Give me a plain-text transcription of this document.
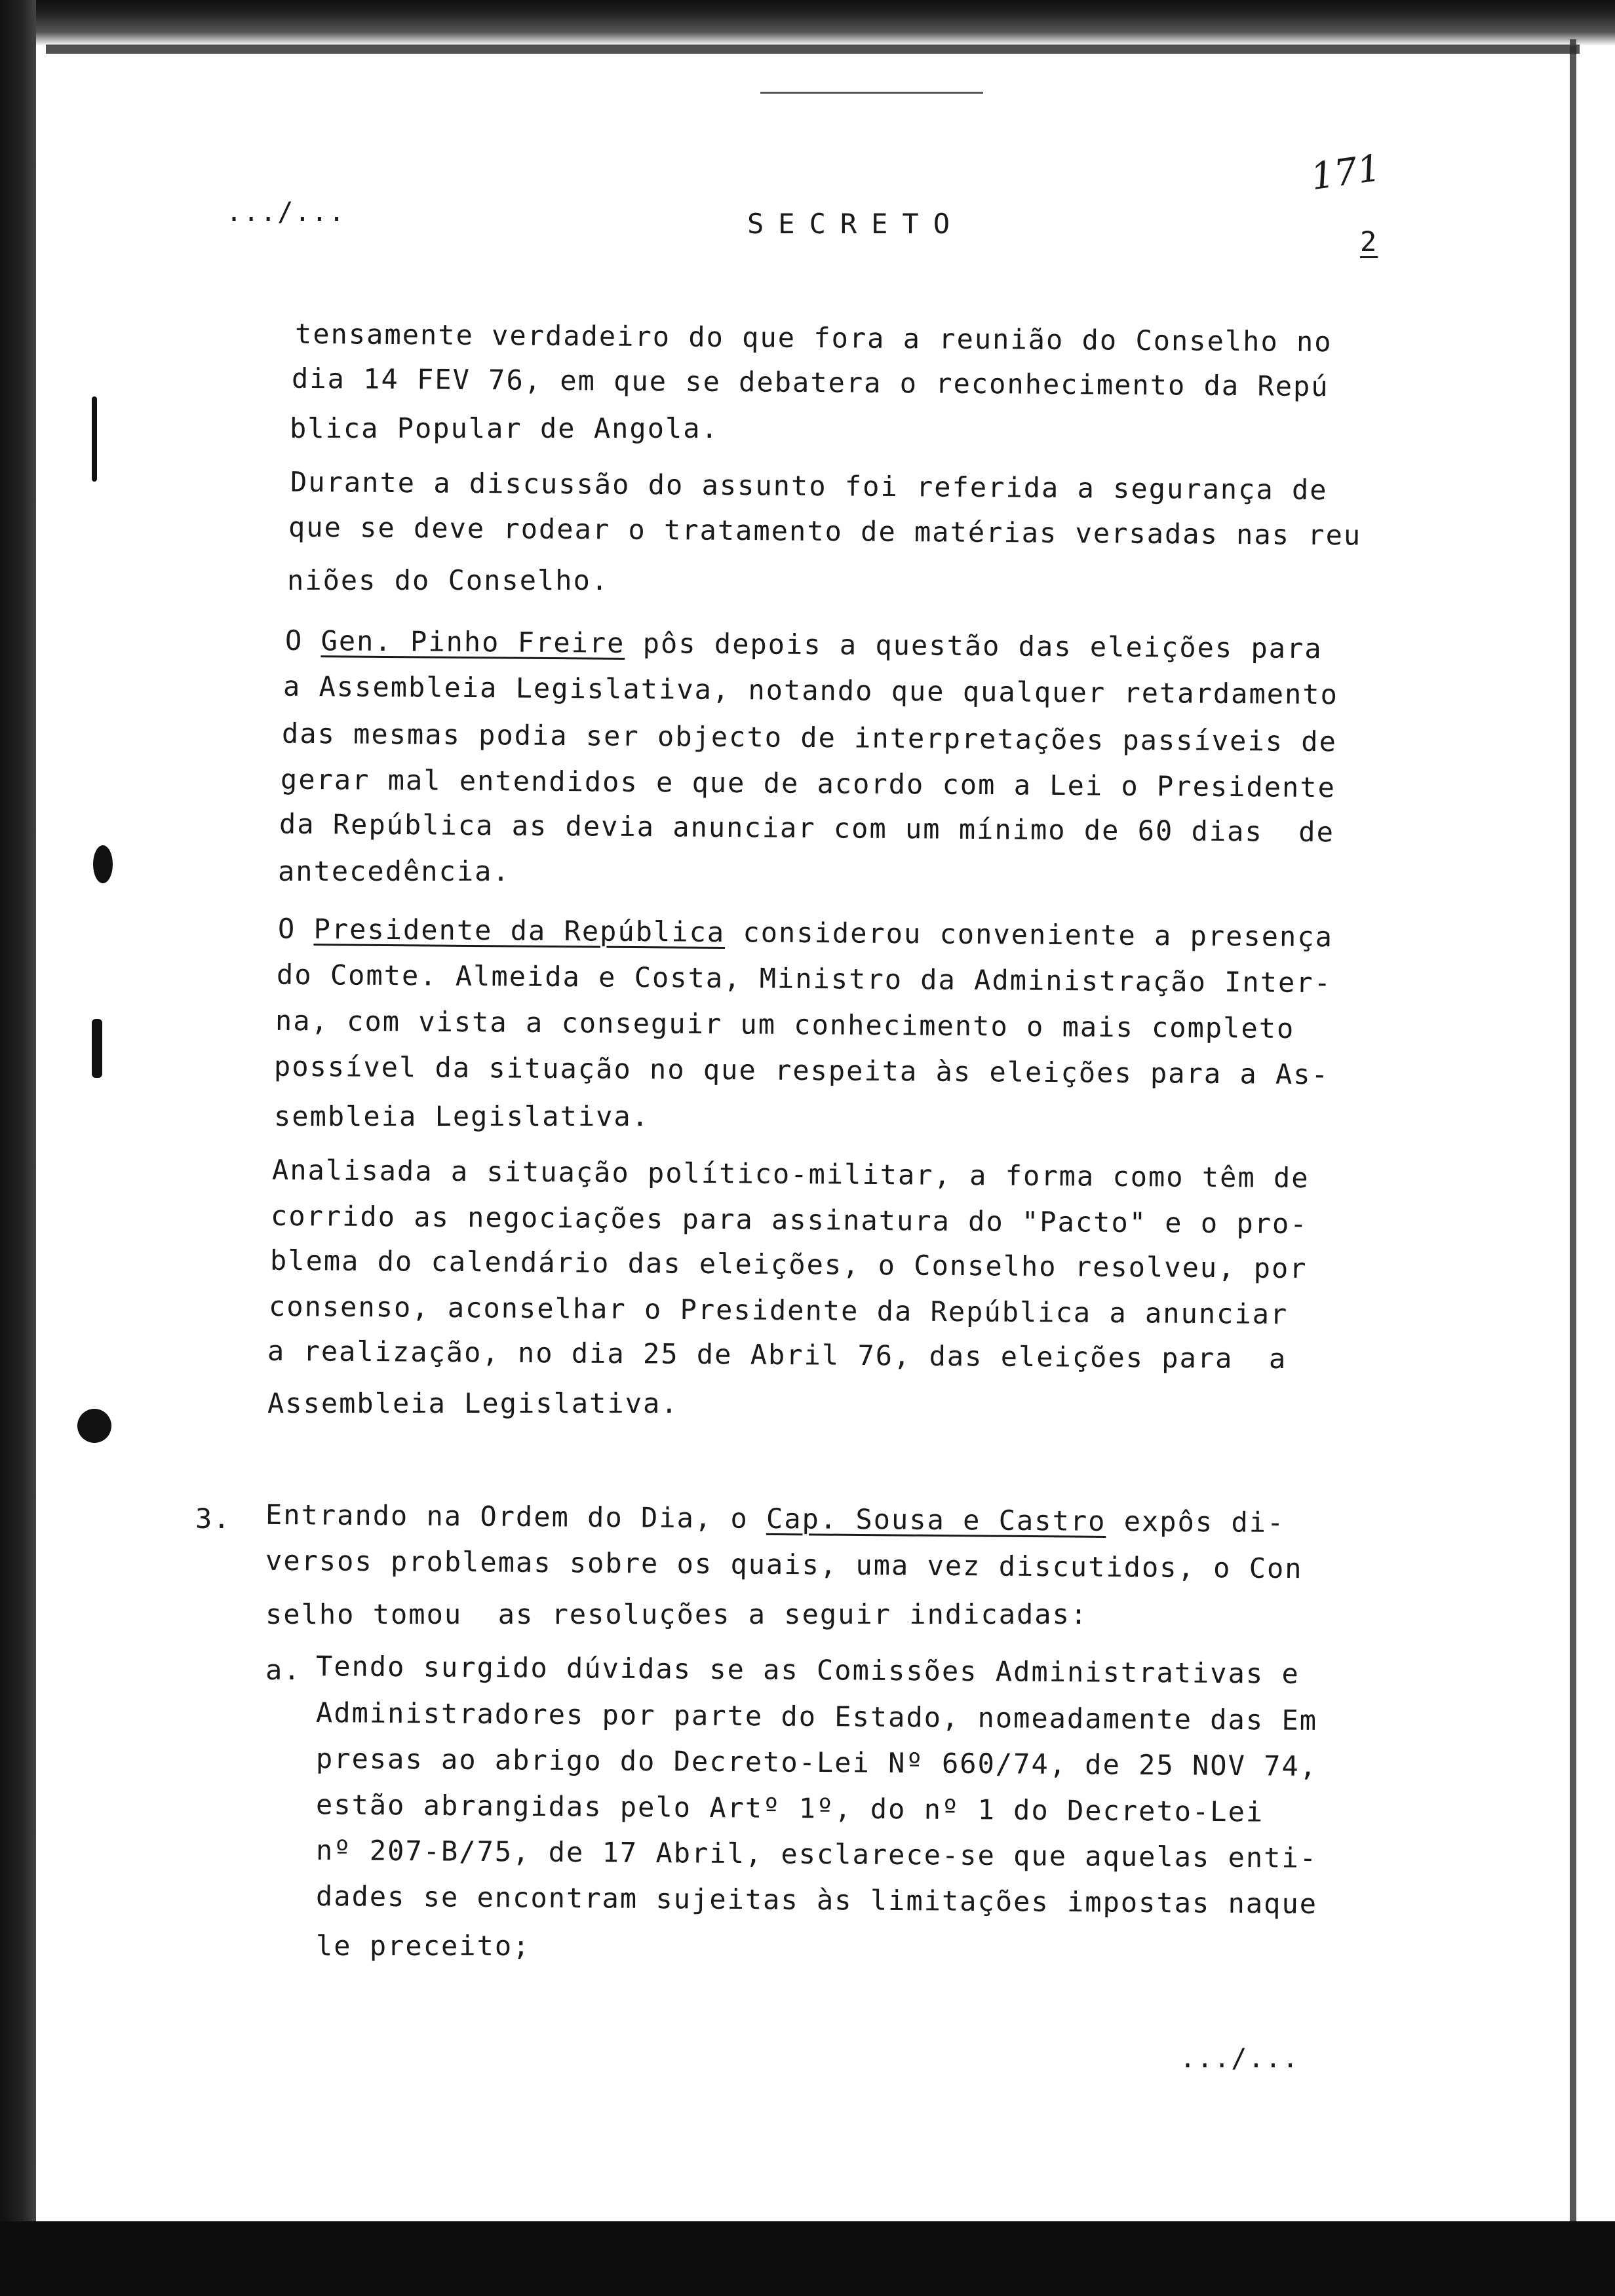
.../...	SECRETO
171
2
tensamente verdadeiro do que fora a reunião do Conselho no
dia 14 FEV 76, em que se debatera o reconhecimento da Repú
blica Popular de Angola.
Durante a discussão do assunto foi referida a segurança de
que se deve rodear o tratamento de matérias versadas nas reu
niões do Conselho.
O Gen. Pinho Freire pôs depois a questão das eleições para
a Assembleia Legislativa, notando que qualquer retardamento
das mesmas podia ser objecto de interpretações passíveis de
gerar mal entendidos e que de acordo com a Lei o Presidente
da República as devia anunciar com um mínimo de 60 dias  de
antecedência.
O Presidente da República considerou conveniente a presença
do Comte. Almeida e Costa, Ministro da Administração Inter-
na, com vista a conseguir um conhecimento o mais completo
possível da situação no que respeita às eleições para a As-
sembleia Legislativa.
Analisada a situação político-militar, a forma como têm de
corrido as negociações para assinatura do "Pacto" e o pro-
blema do calendário das eleições, o Conselho resolveu, por
consenso, aconselhar o Presidente da República a anunciar
a realização, no dia 25 de Abril 76, das eleições para  a
Assembleia Legislativa.
3. Entrando na Ordem do Dia, o Cap. Sousa e Castro expôs di-
versos problemas sobre os quais, uma vez discutidos, o Con
selho tomou  as resoluções a seguir indicadas:
a. Tendo surgido dúvidas se as Comissões Administrativas e
Administradores por parte do Estado, nomeadamente das Em
presas ao abrigo do Decreto-Lei Nº 660/74, de 25 NOV 74,
estão abrangidas pelo Artº 1º, do nº 1 do Decreto-Lei
nº 207-B/75, de 17 Abril, esclarece-se que aquelas enti-
dades se encontram sujeitas às limitações impostas naque
le preceito;
.../...
